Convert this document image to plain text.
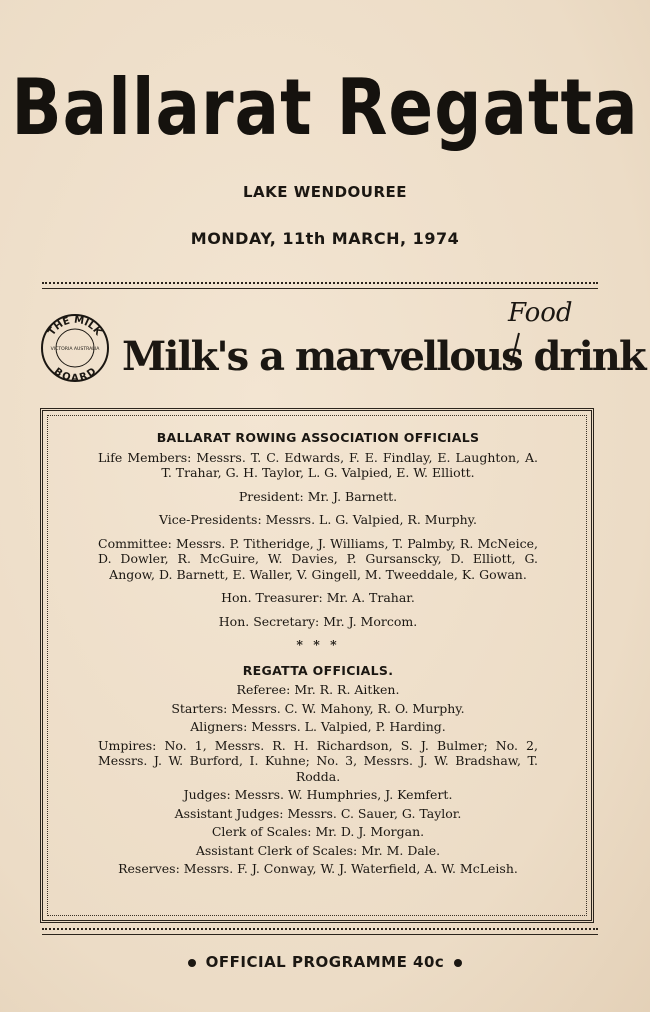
Ballarat Regatta
LAKE WENDOUREE
MONDAY, 11th MARCH, 1974
THE MILK
BOARD
VICTORIA AUSTRALIA
Food
Milk's a marvellous drink
BALLARAT ROWING ASSOCIATION OFFICIALS
Life Members: Messrs. T. C. Edwards, F. E. Findlay, E. Laughton, A. T. Trahar, G. H. Taylor, L. G. Valpied, E. W. Elliott.
President: Mr. J. Barnett.
Vice-Presidents: Messrs. L. G. Valpied, R. Murphy.
Committee: Messrs. P. Titheridge, J. Williams, T. Palmby, R. McNeice, D. Dowler, R. McGuire, W. Davies, P. Gursanscky, D. Elliott, G. Angow, D. Barnett, E. Waller, V. Gingell, M. Tweeddale, K. Gowan.
Hon. Treasurer: Mr. A. Trahar.
Hon. Secretary: Mr. J. Morcom.
* * *
REGATTA OFFICIALS.
Referee: Mr. R. R. Aitken.
Starters: Messrs. C. W. Mahony, R. O. Murphy.
Aligners: Messrs. L. Valpied, P. Harding.
Umpires: No. 1, Messrs. R. H. Richardson, S. J. Bulmer; No. 2, Messrs. J. W. Burford, I. Kuhne; No. 3, Messrs. J. W. Bradshaw, T. Rodda.
Judges: Messrs. W. Humphries, J. Kemfert.
Assistant Judges: Messrs. C. Sauer, G. Taylor.
Clerk of Scales: Mr. D. J. Morgan.
Assistant Clerk of Scales: Mr. M. Dale.
Reserves: Messrs. F. J. Conway, W. J. Waterfield, A. W. McLeish.
OFFICIAL PROGRAMME 40c
